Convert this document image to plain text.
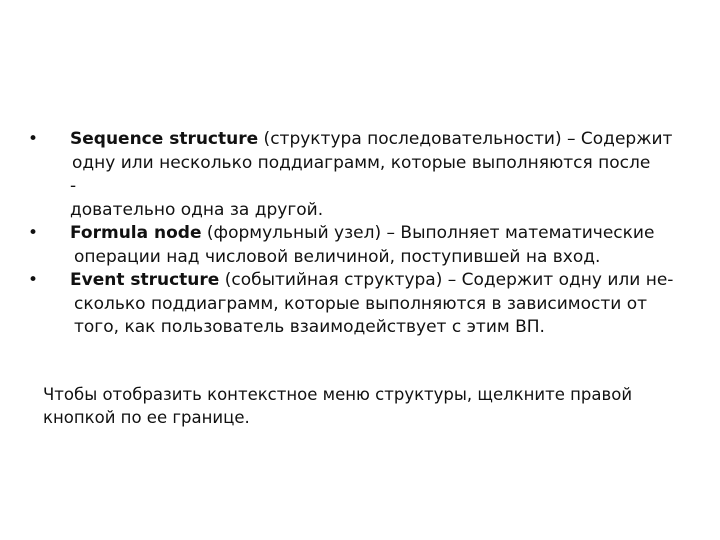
•	Sequence structure (структура последовательности) – Содержит
одну или несколько поддиаграмм, которые выполняются после
-
довательно одна за другой.
•	Formula node (формульный узел) – Выполняет математические
операции над числовой величиной, поступившей на вход.
•	Event structure (событийная структура) – Содержит одну или не-
сколько поддиаграмм, которые выполняются в зависимости от
того, как пользователь взаимодействует с этим ВП.
Чтобы отобразить контекстное меню структуры, щелкните правой
кнопкой по ее границе.
